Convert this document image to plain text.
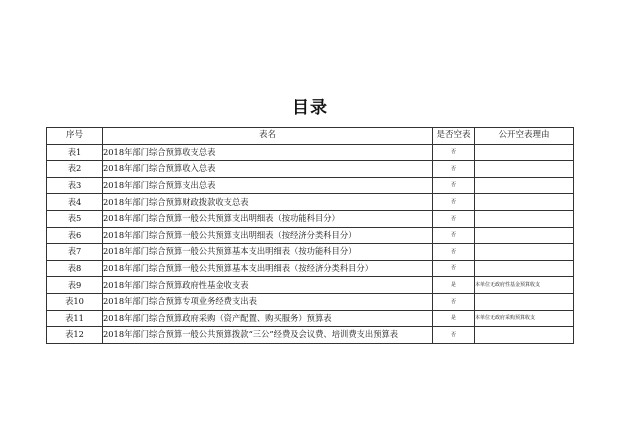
目录
序号	表名	是否空表	公开空表理由
表1	2018年部门综合预算收支总表	否	
表2	2018年部门综合预算收入总表	否	
表3	2018年部门综合预算支出总表	否	
表4	2018年部门综合预算财政拨款收支总表	否	
表5	2018年部门综合预算一般公共预算支出明细表（按功能科目分）	否	
表6	2018年部门综合预算一般公共预算支出明细表（按经济分类科目分）	否	
表7	2018年部门综合预算一般公共预算基本支出明细表（按功能科目分）	否	
表8	2018年部门综合预算一般公共预算基本支出明细表（按经济分类科目分）	否	
表9	2018年部门综合预算政府性基金收支表	是	本单位无政府性基金预算收支
表10	2018年部门综合预算专项业务经费支出表	否	
表11	2018年部门综合预算政府采购（资产配置、购买服务）预算表	是	本单位无政府采购预算收支
表12	2018年部门综合预算一般公共预算拨款“三公”经费及会议费、培训费支出预算表	否	
